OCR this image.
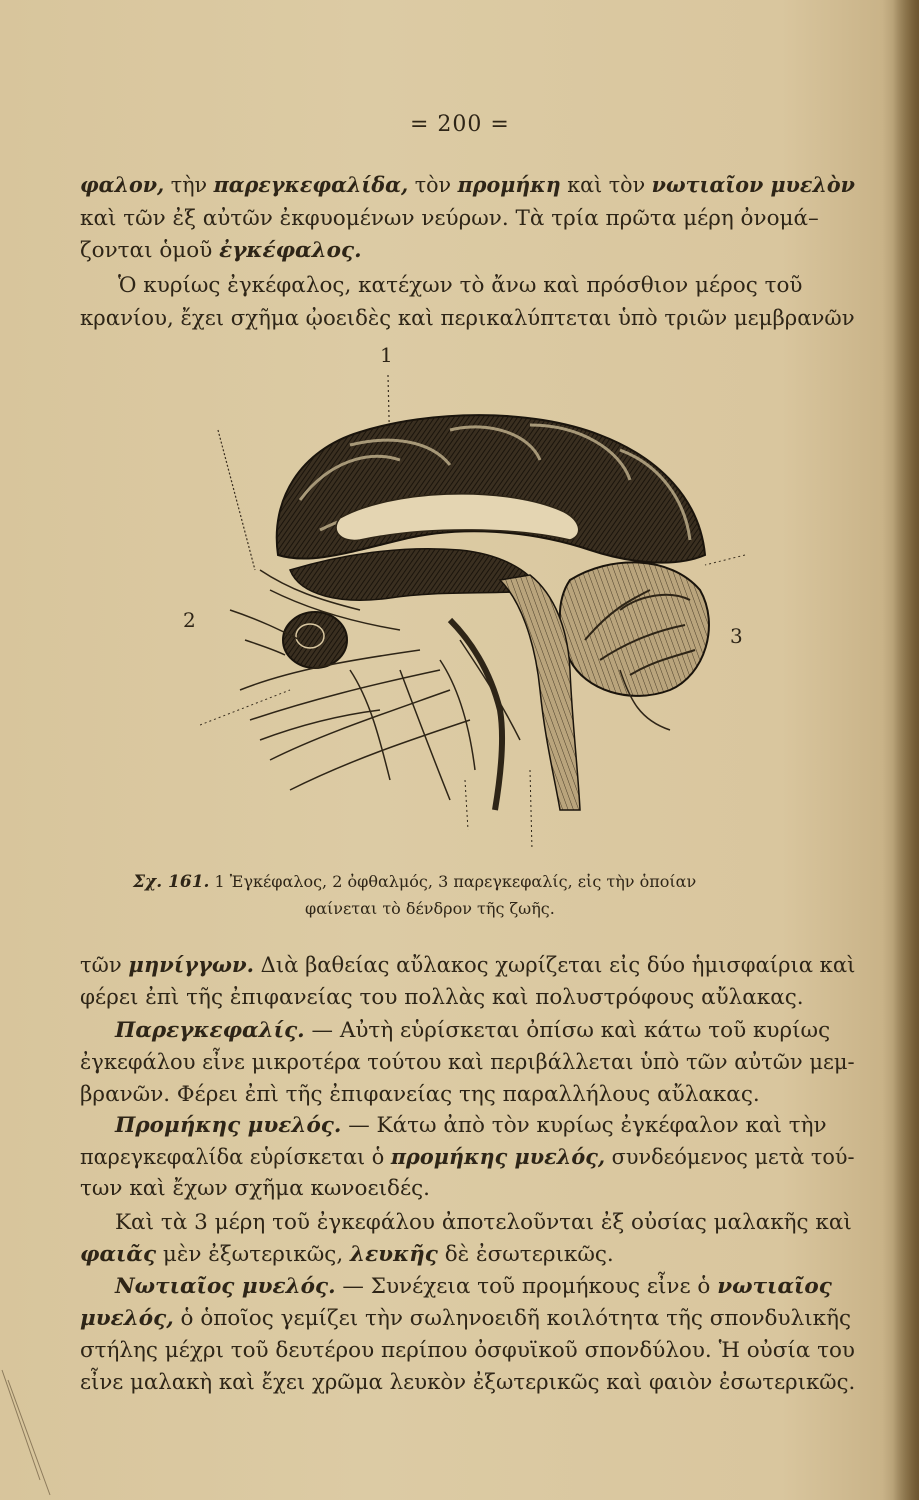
= 200 =
φαλον, τὴν παρεγκεφαλίδα, τὸν προμήκη καὶ τὸν νωτιαῖον μυελὸν
καὶ τῶν ἐξ αὐτῶν ἐκφυομένων νεύρων. Τὰ τρία πρῶτα μέρη ὀνομά–
ζονται ὁμοῦ ἐγκέφαλος.
Ὁ κυρίως ἐγκέφαλος, κατέχων τὸ ἄνω καὶ πρόσθιον μέρος τοῦ
κρανίου, ἔχει σχῆμα ᾠοειδὲς καὶ περικαλύπτεται ὑπὸ τριῶν μεμβρανῶν
1
2
3
Σχ. 161. 1 Ἐγκέφαλος, 2 ὀφθαλμός, 3 παρεγκεφαλίς, εἰς τὴν ὁποίαν
φαίνεται τὸ δένδρον τῆς ζωῆς.
τῶν μηνίγγων. Διὰ βαθείας αὔλακος χωρίζεται εἰς δύο ἡμισφαίρια καὶ
φέρει ἐπὶ τῆς ἐπιφανείας του πολλὰς καὶ πολυστρόφους αὔλακας.
Παρεγκεφαλίς. — Αὐτὴ εὑρίσκεται ὀπίσω καὶ κάτω τοῦ κυρίως
ἐγκεφάλου εἶνε μικροτέρα τούτου καὶ περιβάλλεται ὑπὸ τῶν αὐτῶν μεμ-
βρανῶν. Φέρει ἐπὶ τῆς ἐπιφανείας της παραλλήλους αὔλακας.
Προμήκης μυελός. — Κάτω ἀπὸ τὸν κυρίως ἐγκέφαλον καὶ τὴν
παρεγκεφαλίδα εὑρίσκεται ὁ προμήκης μυελός, συνδεόμενος μετὰ τού-
των καὶ ἔχων σχῆμα κωνοειδές.
Καὶ τὰ 3 μέρη τοῦ ἐγκεφάλου ἀποτελοῦνται ἐξ οὐσίας μαλακῆς καὶ
φαιᾶς μὲν ἐξωτερικῶς, λευκῆς δὲ ἐσωτερικῶς.
Νωτιαῖος μυελός. — Συνέχεια τοῦ προμήκους εἶνε ὁ νωτιαῖος
μυελός, ὁ ὁποῖος γεμίζει τὴν σωληνοειδῆ κοιλότητα τῆς σπονδυλικῆς
στήλης μέχρι τοῦ δευτέρου περίπου ὀσφυϊκοῦ σπονδύλου. Ἡ οὐσία του
εἶνε μαλακὴ καὶ ἔχει χρῶμα λευκὸν ἐξωτερικῶς καὶ φαιὸν ἐσωτερικῶς.
